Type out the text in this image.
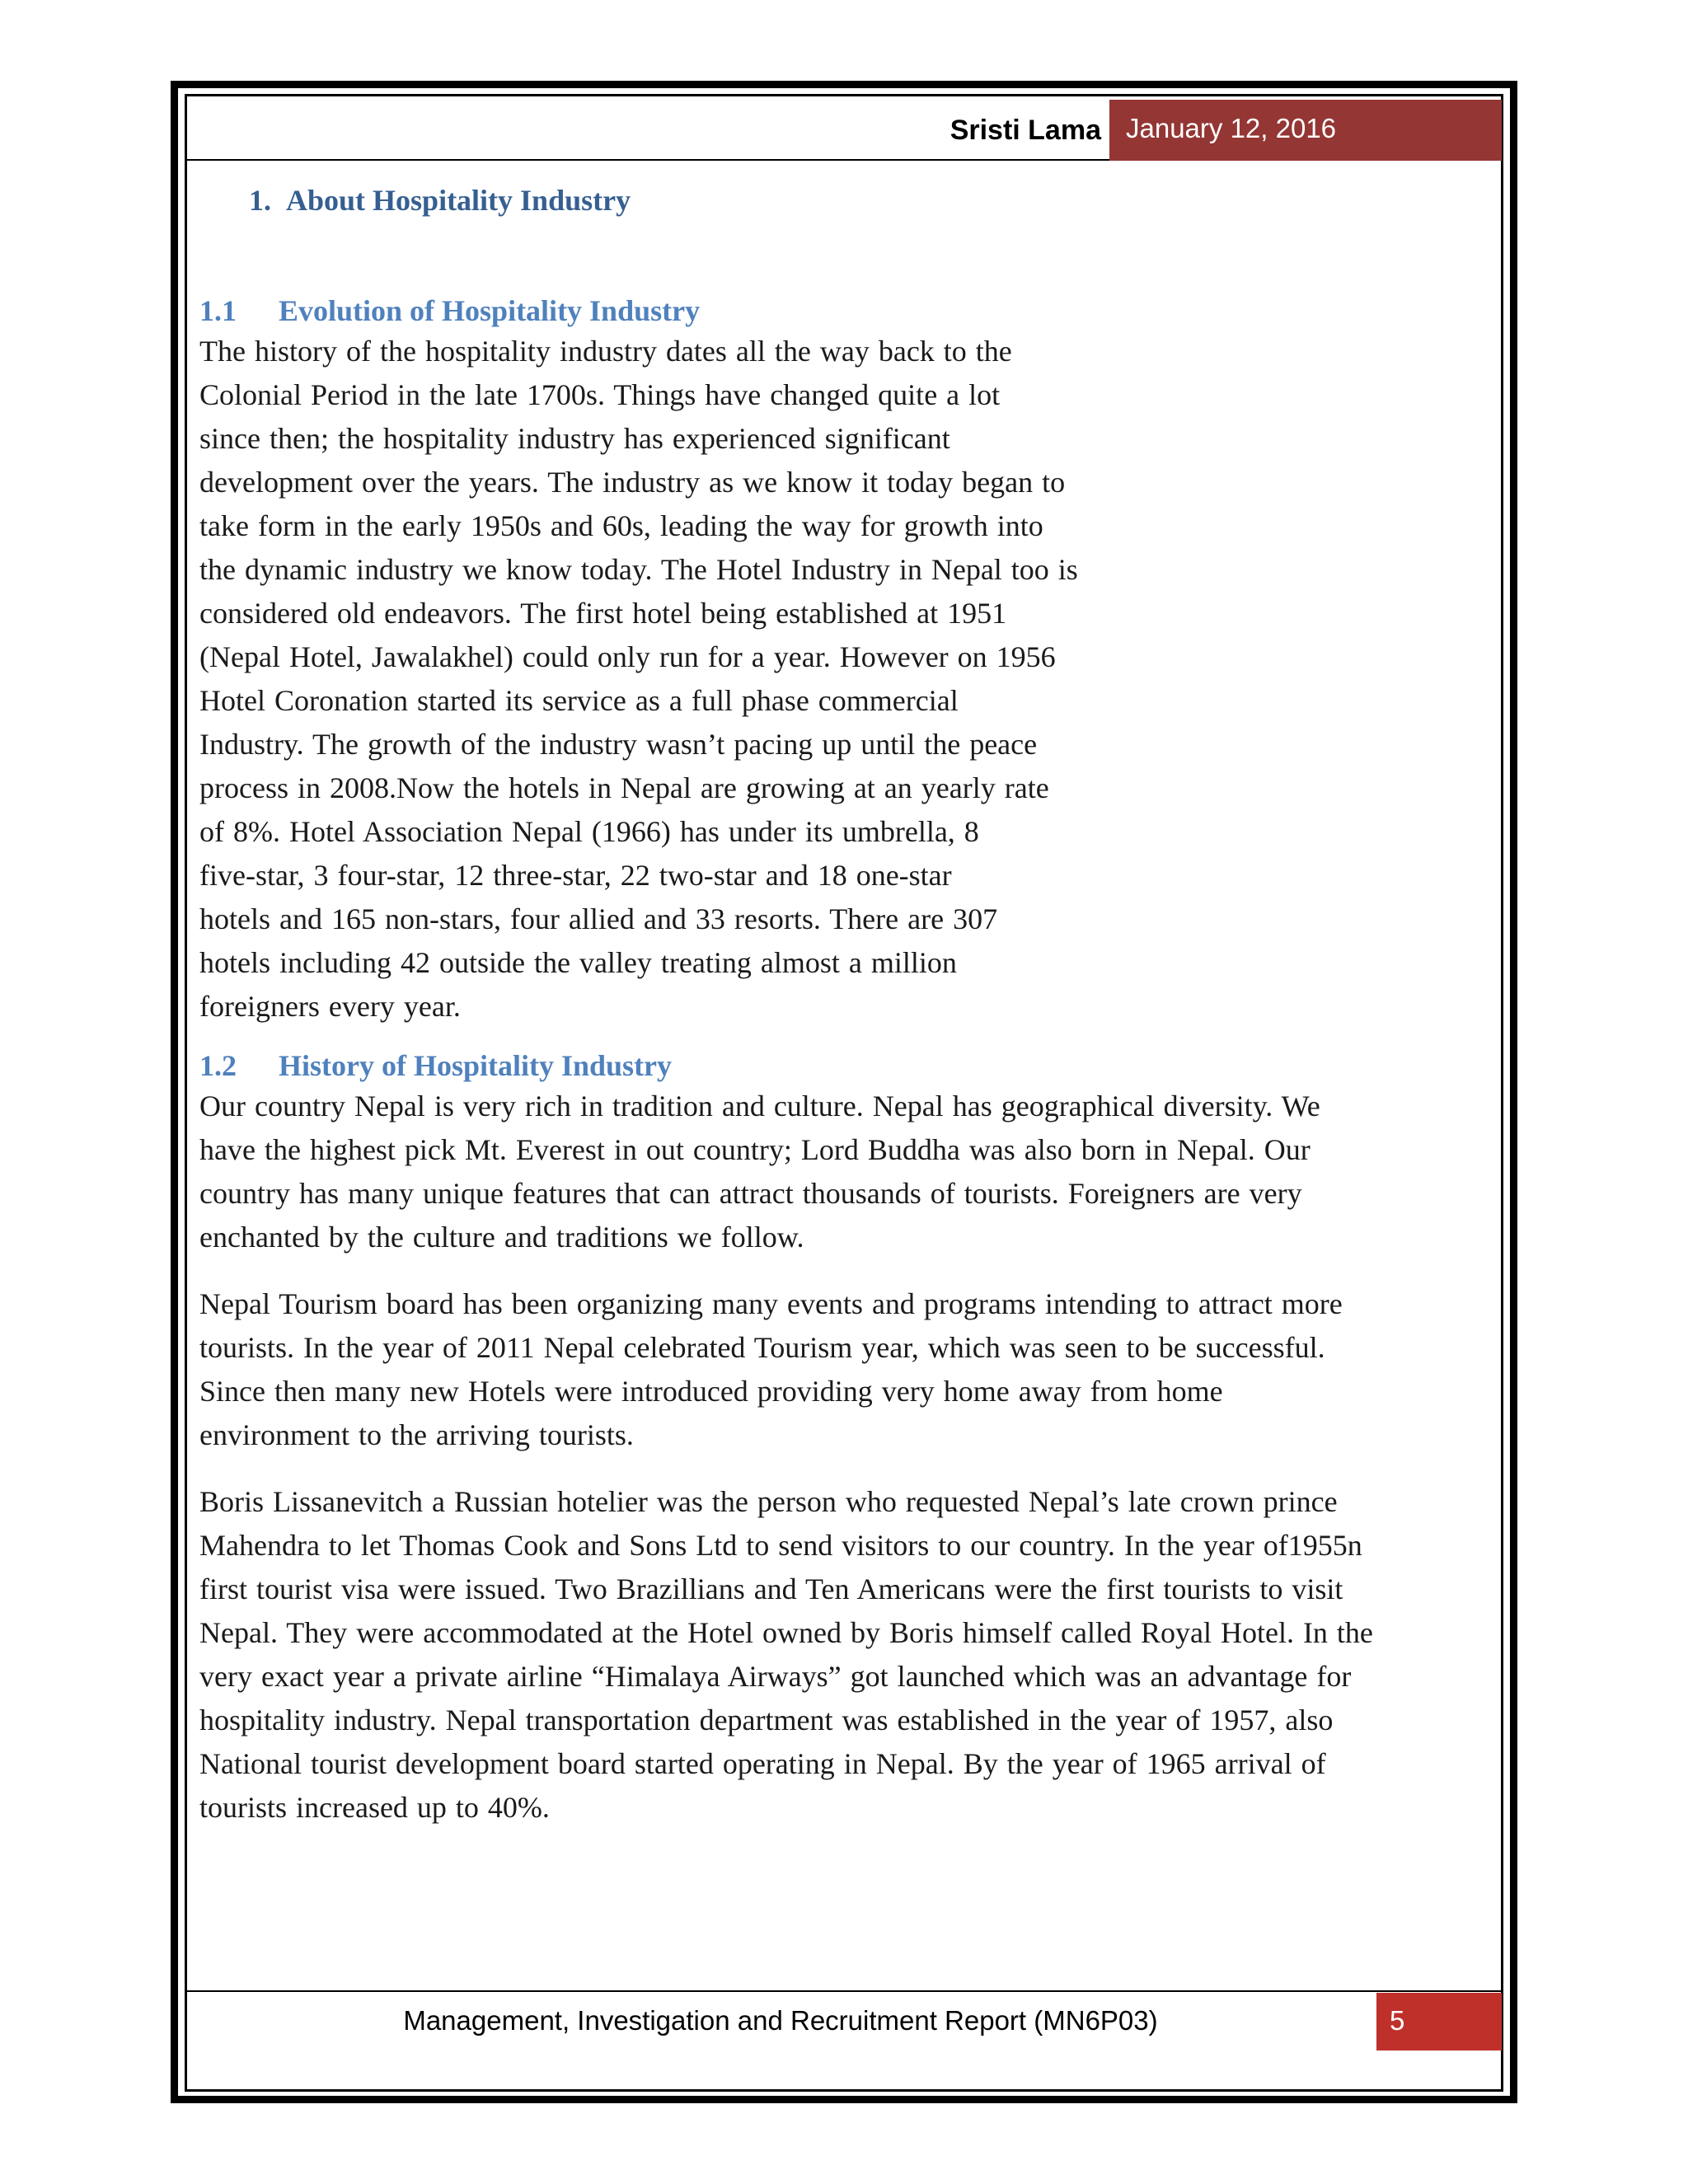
Sristi Lama January 12, 2016
1. About Hospitality Industry
1.1 Evolution of Hospitality Industry
The history of the hospitality industry dates all the way back to the
Colonial Period in the late 1700s. Things have changed quite a lot
since then; the hospitality industry has experienced significant
development over the years. The industry as we know it today began to
take form in the early 1950s and 60s, leading the way for growth into
the dynamic industry we know today. The Hotel Industry in Nepal too is
considered old endeavors. The first hotel being established at 1951
(Nepal Hotel, Jawalakhel) could only run for a year. However on 1956
Hotel Coronation started its service as a full phase commercial
Industry. The growth of the industry wasn’t pacing up until the peace
process in 2008.Now the hotels in Nepal are growing at an yearly rate
of 8%. Hotel Association Nepal (1966) has under its umbrella, 8
five-star, 3 four-star, 12 three-star, 22 two-star and 18 one-star
hotels and 165 non-stars, four allied and 33 resorts. There are 307
hotels including 42 outside the valley treating almost a million
foreigners every year.
1.2 History of Hospitality Industry
Our country Nepal is very rich in tradition and culture. Nepal has geographical diversity. We
have the highest pick Mt. Everest in out country; Lord Buddha was also born in Nepal. Our
country has many unique features that can attract thousands of tourists. Foreigners are very
enchanted by the culture and traditions we follow.
Nepal Tourism board has been organizing many events and programs intending to attract more
tourists. In the year of 2011 Nepal celebrated Tourism year, which was seen to be successful.
Since then many new Hotels were introduced providing very home away from home
environment to the arriving tourists.
Boris Lissanevitch a Russian hotelier was the person who requested Nepal’s late crown prince
Mahendra to let Thomas Cook and Sons Ltd to send visitors to our country. In the year of1955n
first tourist visa were issued. Two Brazillians and Ten Americans were the first tourists to visit
Nepal. They were accommodated at the Hotel owned by Boris himself called Royal Hotel. In the
very exact year a private airline “Himalaya Airways” got launched which was an advantage for
hospitality industry. Nepal transportation department was established in the year of 1957, also
National tourist development board started operating in Nepal. By the year of 1965 arrival of
tourists increased up to 40%.
Management, Investigation and Recruitment Report (MN6P03)	5
